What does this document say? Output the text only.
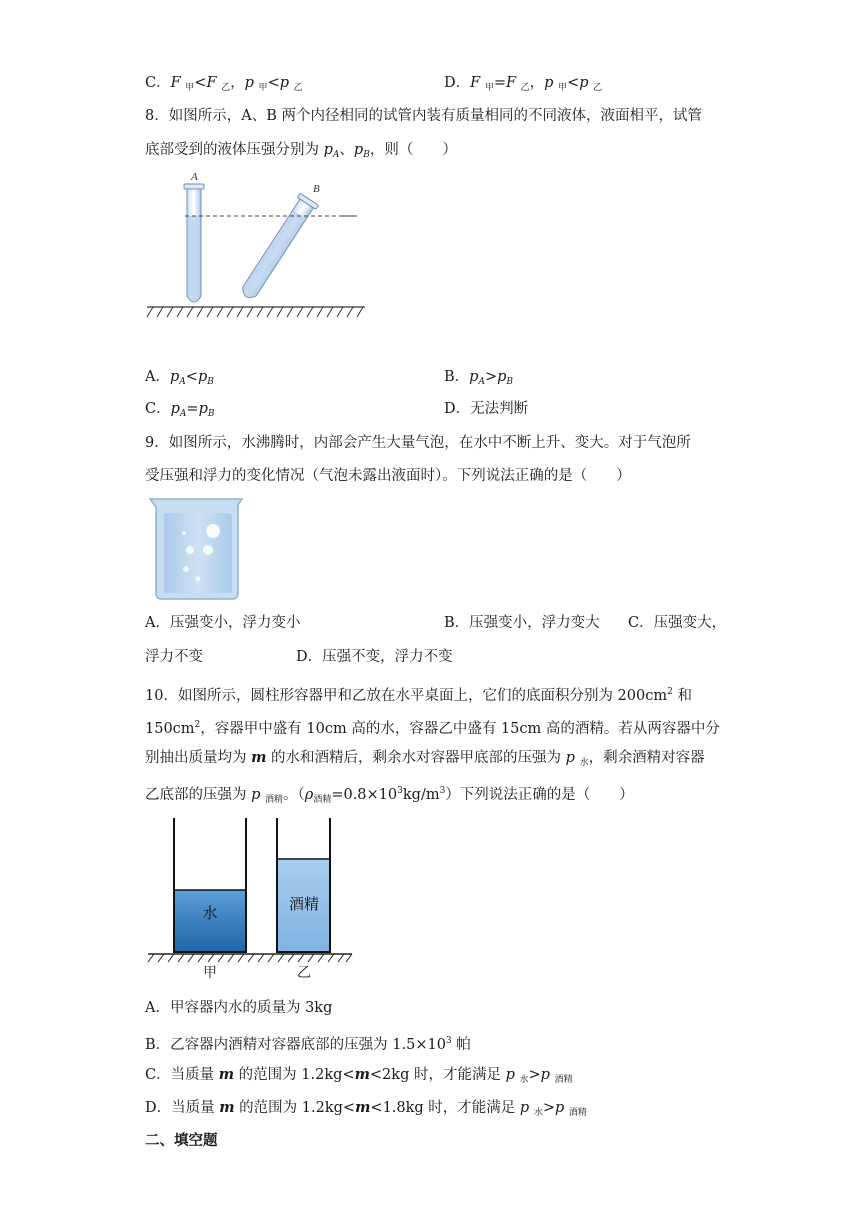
C．F $_甲$<F $_乙$，p $_甲$<p $_乙$	D．F $_甲$=F $_乙$，p $_甲$<p $_乙$
8．如图所示，A、B 两个内径相同的试管内装有质量相同的不同液体，液面相平，试管
底部受到的液体压强分别为 $p_A$、$p_B$，则（　　）
A
B
A．$p_A<p_B$	B．$p_A>p_B$
C．$p_A=p_B$	D．无法判断
9．如图所示，水沸腾时，内部会产生大量气泡，在水中不断上升、变大。对于气泡所
受压强和浮力的变化情况（气泡未露出液面时）。下列说法正确的是（　　）
A．压强变小，浮力变小	B．压强变小，浮力变大 C．压强变大，
浮力不变	D．压强不变，浮力不变
10．如图所示，圆柱形容器甲和乙放在水平桌面上，它们的底面积分别为 $200cm^2$ 和
$150cm^2$，容器甲中盛有 10cm 高的水，容器乙中盛有 15cm 高的酒精。若从两容器中分
别抽出质量均为 m 的水和酒精后，剩余水对容器甲底部的压强为 p $_水$，剩余酒精对容器
乙底部的压强为 p $_{酒精}$。$(\rho_{酒精}=0.8\times 10^3kg/m^3)$下列说法正确的是（　　）
水	酒精
甲	乙
A．甲容器内水的质量为 3kg
B．乙容器内酒精对容器底部的压强为 $1.5\times 10^3$ 帕
C．当质量 m 的范围为 1.2kg<m<2kg 时，才能满足 p $_水$>p $_{酒精}$
D．当质量 m 的范围为 1.2kg<m<1.8kg 时，才能满足 p $_水$>p $_{酒精}$
二、填空题
